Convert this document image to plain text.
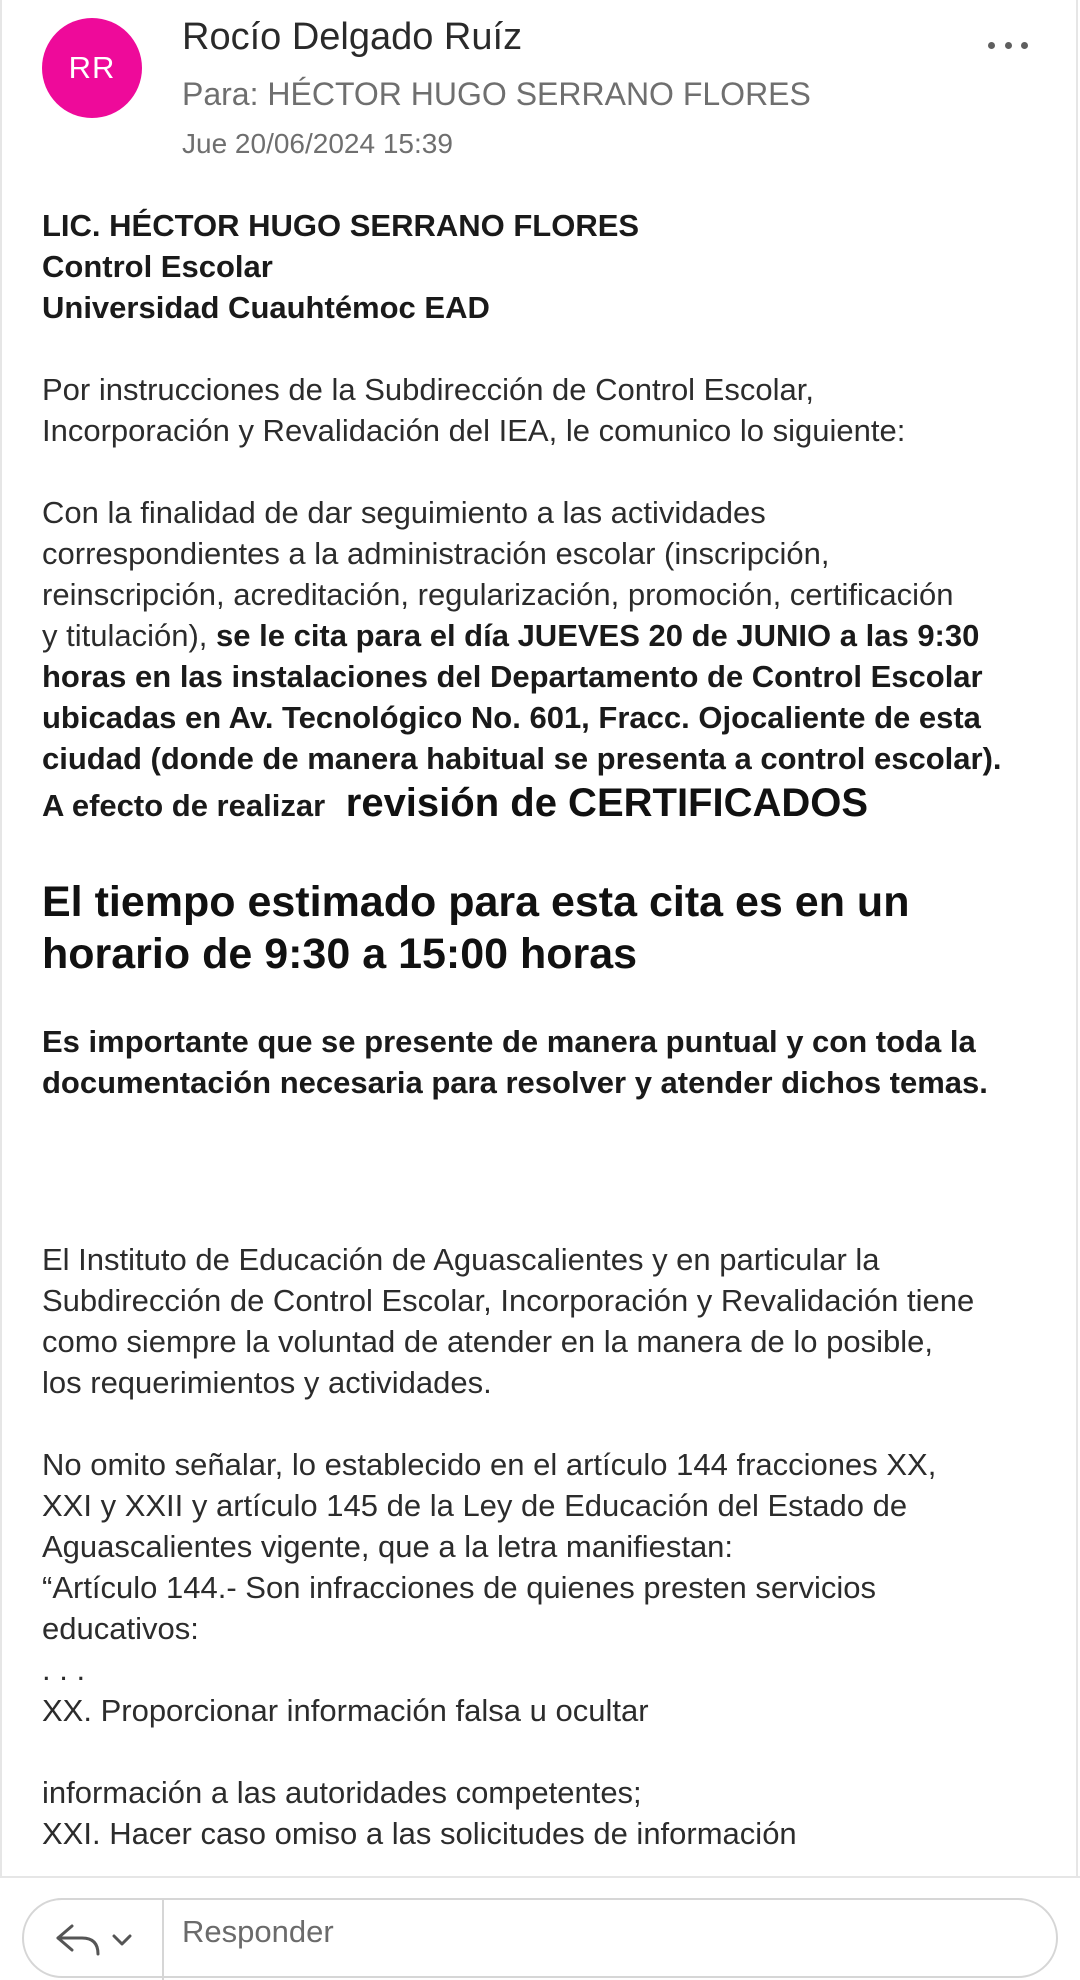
RR
Rocío Delgado Ruíz
Para: HÉCTOR HUGO SERRANO FLORES
Jue 20/06/2024 15:39

LIC. HÉCTOR HUGO SERRANO FLORES

Control Escolar

Universidad Cuauhtémoc EAD

Por instrucciones de la Subdirección de Control Escolar,

Incorporación y Revalidación del IEA, le comunico lo siguiente:

Con la finalidad de dar seguimiento a las actividades

correspondientes a la administración escolar (inscripción,

reinscripción, acreditación, regularización, promoción, certificación

y titulación), se le cita para el día JUEVES 20 de JUNIO a las 9:30

horas en las instalaciones del Departamento de Control Escolar

ubicadas en Av. Tecnológico No. 601, Fracc. Ojocaliente de esta

ciudad (donde de manera habitual se presenta a control escolar).

A efecto de realizar revisión de CERTIFICADOS

El tiempo estimado para esta cita es en un

horario de 9:30 a 15:00 horas

Es importante que se presente de manera puntual y con toda la

documentación necesaria para resolver y atender dichos temas.

El Instituto de Educación de Aguascalientes y en particular la

Subdirección de Control Escolar, Incorporación y Revalidación tiene

como siempre la voluntad de atender en la manera de lo posible,

los requerimientos y actividades.

No omito señalar, lo establecido en el artículo 144 fracciones XX,

XXI y XXII y artículo 145 de la Ley de Educación del Estado de

Aguascalientes vigente, que a la letra manifiestan:

“Artículo 144.- Son infracciones de quienes presten servicios

educativos:

. . .

XX. Proporcionar información falsa u ocultar

información a las autoridades competentes;

XXI. Hacer caso omiso a las solicitudes de información

Responder
